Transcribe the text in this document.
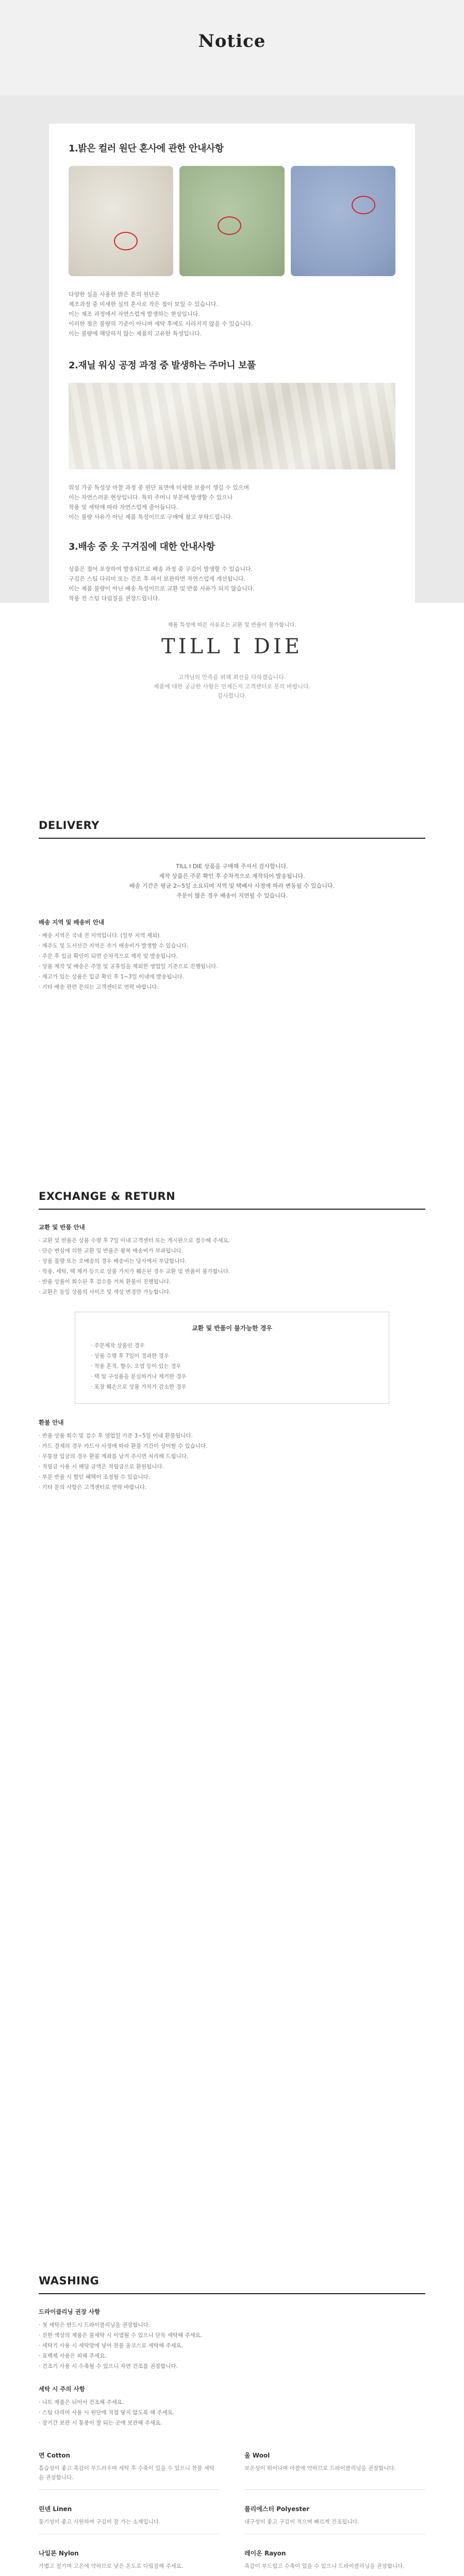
Notice
1.밝은 컬러 원단 혼사에 관한 안내사항

다양한 실을 사용한 밝은 톤의 원단은

제조과정 중 미세한 실의 혼사로 작은 점이 보일 수 있습니다.

이는 제조 과정에서 자연스럽게 발생하는 현상입니다.

이러한 점은 불량의 기준이 아니며 세탁 후에도 사라지지 않을 수 있습니다.

이는 불량에 해당하지 않는 제품의 고유한 특성입니다.

2.재닐 워싱 공정 과정 중 발생하는 주머니 보풀

워싱 가공 특성상 마찰 과정 중 원단 표면에 미세한 보풀이 생길 수 있으며

이는 자연스러운 현상입니다. 특히 주머니 부분에 발생할 수 있으나

착용 및 세탁에 따라 자연스럽게 줄어듭니다.

이는 불량 사유가 아닌 제품 특성이므로 구매에 참고 부탁드립니다.

3.배송 중 옷 구겨짐에 대한 안내사항

상품은 접어 포장하여 발송되므로 배송 과정 중 구김이 발생할 수 있습니다.

구김은 스팀 다리미 또는 건조 후 펴서 보관하면 자연스럽게 개선됩니다.

이는 제품 불량이 아닌 배송 특성이므로 교환 및 반품 사유가 되지 않습니다.

착용 전 스팀 다림질을 권장드립니다.

제품 특성에 따른 사유로는 교환 및 반품이 불가합니다.
TILL I DIE
고객님의 만족을 위해 최선을 다하겠습니다.
제품에 대한 궁금한 사항은 언제든지 고객센터로 문의 바랍니다.
감사합니다.
DELIVERY
TILL I DIE 상품을 구매해 주셔서 감사합니다.
제작 상품은 주문 확인 후 순차적으로 제작되어 발송됩니다.
배송 기간은 평균 2~5일 소요되며 지역 및 택배사 사정에 따라 변동될 수 있습니다.
주문이 많은 경우 배송이 지연될 수 있습니다.
배송 지역 및 배송비 안내
· 배송 지역은 국내 전 지역입니다. (일부 지역 제외)
· 제주도 및 도서산간 지역은 추가 배송비가 발생할 수 있습니다.
· 주문 후 입금 확인이 되면 순차적으로 제작 및 발송됩니다.
· 상품 제작 및 배송은 주말 및 공휴일을 제외한 영업일 기준으로 진행됩니다.
· 재고가 있는 상품은 입금 확인 후 1~3일 이내에 발송됩니다.
· 기타 배송 관련 문의는 고객센터로 연락 바랍니다.
EXCHANGE & RETURN
교환 및 반품 안내
· 교환 및 반품은 상품 수령 후 7일 이내 고객센터 또는 게시판으로 접수해 주세요.
· 단순 변심에 의한 교환 및 반품은 왕복 배송비가 부과됩니다.
· 상품 불량 또는 오배송의 경우 배송비는 당사에서 부담합니다.
· 착용, 세탁, 택 제거 등으로 상품 가치가 훼손된 경우 교환 및 반품이 불가합니다.
· 반품 상품이 회수된 후 검수를 거쳐 환불이 진행됩니다.
· 교환은 동일 상품의 사이즈 및 색상 변경만 가능합니다.
교환 및 반품이 불가능한 경우
· 주문제작 상품인 경우
· 상품 수령 후 7일이 경과한 경우
· 착용 흔적, 향수, 오염 등이 있는 경우
· 택 및 구성품을 분실하거나 제거한 경우
· 포장 훼손으로 상품 가치가 감소한 경우
환불 안내
· 반품 상품 회수 및 검수 후 영업일 기준 3~5일 이내 환불됩니다.
· 카드 결제의 경우 카드사 사정에 따라 환불 기간이 상이할 수 있습니다.
· 무통장 입금의 경우 환불 계좌를 남겨 주시면 처리해 드립니다.
· 적립금 사용 시 해당 금액은 적립금으로 환원됩니다.
· 부분 반품 시 할인 혜택이 조정될 수 있습니다.
· 기타 문의 사항은 고객센터로 연락 바랍니다.
WASHING
드라이클리닝 권장 사항
· 첫 세탁은 반드시 드라이클리닝을 권장합니다.
· 진한 색상의 제품은 물세탁 시 이염될 수 있으니 단독 세탁해 주세요.
· 세탁기 사용 시 세탁망에 넣어 찬물 울코스로 세탁해 주세요.
· 표백제 사용은 피해 주세요.
· 건조기 사용 시 수축될 수 있으니 자연 건조를 권장합니다.
세탁 시 주의 사항
· 니트 제품은 뉘어서 건조해 주세요.
· 스팀 다리미 사용 시 원단에 직접 닿지 않도록 해 주세요.
· 장기간 보관 시 통풍이 잘 되는 곳에 보관해 주세요.
면 Cotton
흡습성이 좋고 촉감이 부드러우며 세탁 후 수축이 있을 수 있으니 찬물 세탁을 권장합니다.
울 Wool
보온성이 뛰어나며 마찰에 약하므로 드라이클리닝을 권장합니다.
린넨 Linen
통기성이 좋고 시원하며 구김이 잘 가는 소재입니다.
폴리에스터 Polyester
내구성이 좋고 구김이 적으며 빠르게 건조됩니다.
나일론 Nylon
가볍고 질기며 고온에 약하므로 낮은 온도로 다림질해 주세요.
레이온 Rayon
촉감이 부드럽고 수축이 있을 수 있으니 드라이클리닝을 권장합니다.
